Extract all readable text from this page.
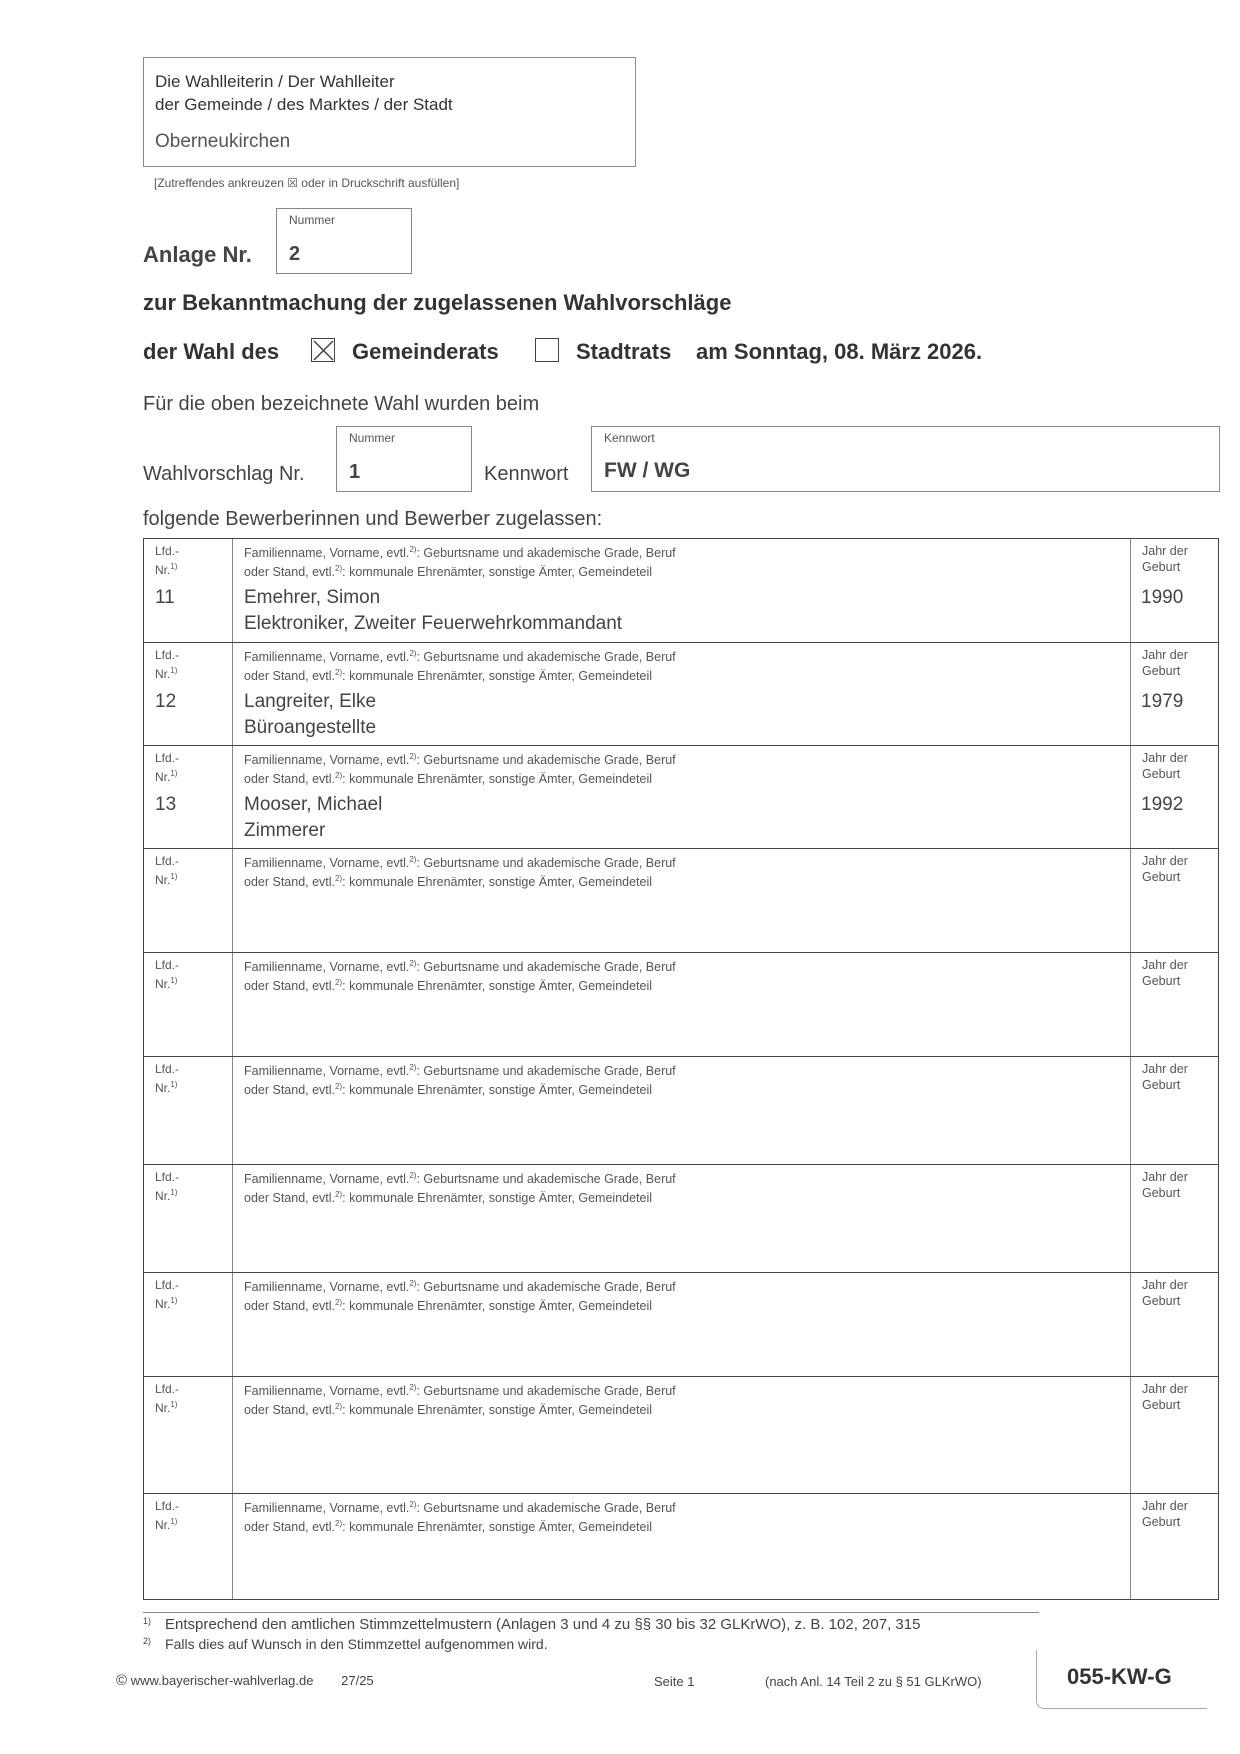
Die Wahlleiterin / Der Wahlleiter
der Gemeinde / des Marktes / der Stadt
Oberneukirchen
[Zutreffendes ankreuzen ☒ oder in Druckschrift ausfüllen]
Anlage Nr.
Nummer
2
zur Bekanntmachung der zugelassenen Wahlvorschläge
der Wahl des	Gemeinderats	Stadtrats am Sonntag, 08. März 2026.
Für die oben bezeichnete Wahl wurden beim
Wahlvorschlag Nr.
Nummer
1	Kennwort
Kennwort
FW / WG
folgende Bewerberinnen und Bewerber zugelassen:
Lfd.-
Nr.$^{1)}$
Familienname, Vorname, evtl.$^{2)}$: Geburtsname und akademische Grade, Beruf
oder Stand, evtl.$^{2)}$: kommunale Ehrenämter, sonstige Ämter, Gemeindeteil
Jahr der
Geburt
11	Emehrer, Simon
Elektroniker, Zweiter Feuerwehrkommandant
1990
Lfd.-
Nr.$^{1)}$
Familienname, Vorname, evtl.$^{2)}$: Geburtsname und akademische Grade, Beruf
oder Stand, evtl.$^{2)}$: kommunale Ehrenämter, sonstige Ämter, Gemeindeteil
Jahr der
Geburt
12	Langreiter, Elke
Büroangestellte
1979
Lfd.-
Nr.$^{1)}$
Familienname, Vorname, evtl.$^{2)}$: Geburtsname und akademische Grade, Beruf
oder Stand, evtl.$^{2)}$: kommunale Ehrenämter, sonstige Ämter, Gemeindeteil
Jahr der
Geburt
13	Mooser, Michael
Zimmerer
1992
Lfd.-
Nr.$^{1)}$
Familienname, Vorname, evtl.$^{2)}$: Geburtsname und akademische Grade, Beruf
oder Stand, evtl.$^{2)}$: kommunale Ehrenämter, sonstige Ämter, Gemeindeteil
Jahr der
Geburt
Lfd.-
Nr.$^{1)}$
Familienname, Vorname, evtl.$^{2)}$: Geburtsname und akademische Grade, Beruf
oder Stand, evtl.$^{2)}$: kommunale Ehrenämter, sonstige Ämter, Gemeindeteil
Jahr der
Geburt
Lfd.-
Nr.$^{1)}$
Familienname, Vorname, evtl.$^{2)}$: Geburtsname und akademische Grade, Beruf
oder Stand, evtl.$^{2)}$: kommunale Ehrenämter, sonstige Ämter, Gemeindeteil
Jahr der
Geburt
Lfd.-
Nr.$^{1)}$
Familienname, Vorname, evtl.$^{2)}$: Geburtsname und akademische Grade, Beruf
oder Stand, evtl.$^{2)}$: kommunale Ehrenämter, sonstige Ämter, Gemeindeteil
Jahr der
Geburt
Lfd.-
Nr.$^{1)}$
Familienname, Vorname, evtl.$^{2)}$: Geburtsname und akademische Grade, Beruf
oder Stand, evtl.$^{2)}$: kommunale Ehrenämter, sonstige Ämter, Gemeindeteil
Jahr der
Geburt
Lfd.-
Nr.$^{1)}$
Familienname, Vorname, evtl.$^{2)}$: Geburtsname und akademische Grade, Beruf
oder Stand, evtl.$^{2)}$: kommunale Ehrenämter, sonstige Ämter, Gemeindeteil
Jahr der
Geburt
Lfd.-
Nr.$^{1)}$
Familienname, Vorname, evtl.$^{2)}$: Geburtsname und akademische Grade, Beruf
oder Stand, evtl.$^{2)}$: kommunale Ehrenämter, sonstige Ämter, Gemeindeteil
Jahr der
Geburt
$^{1)}$ Entsprechend den amtlichen Stimmzettelmustern (Anlagen 3 und 4 zu §§ 30 bis 32 GLKrWO), z. B. 102, 207, 315
$^{2)}$ Falls dies auf Wunsch in den Stimmzettel aufgenommen wird.
© www.bayerischer-wahlverlag.de 27/25	Seite 1	(nach Anl. 14 Teil 2 zu § 51 GLKrWO)	055-KW-G
